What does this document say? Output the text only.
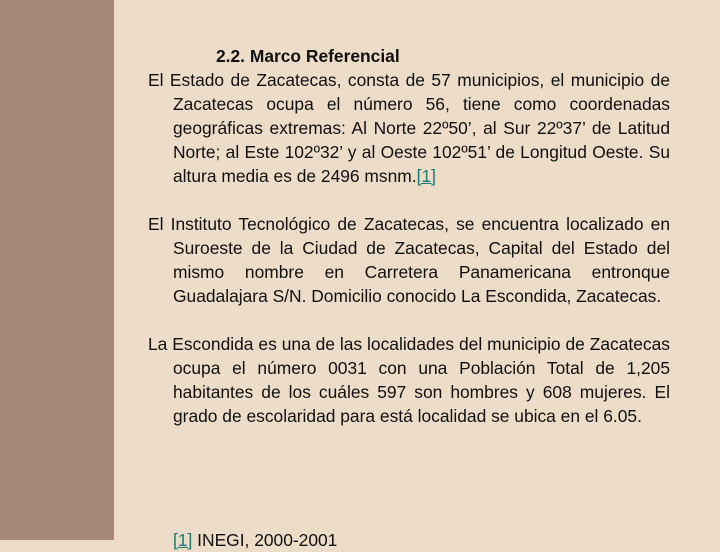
2.2. Marco Referencial

El Estado de Zacatecas, consta de 57 municipios, el municipio de Zacatecas ocupa el número 56, tiene como coordenadas geográficas extremas: Al Norte 22º50’, al Sur 22º37’ de Latitud Norte; al Este 102º32’ y al Oeste 102º51’ de Longitud Oeste. Su altura media es de 2496 msnm.[1]

El Instituto Tecnológico de Zacatecas, se encuentra localizado en Suroeste de la Ciudad de Zacatecas, Capital del Estado del mismo nombre en Carretera Panamericana entronque Guadalajara S/N. Domicilio conocido La Escondida, Zacatecas.

La Escondida es una de las localidades del municipio de Zacatecas ocupa el número 0031 con una Población Total de 1,205 habitantes de los cuáles 597 son hombres y 608 mujeres. El grado de escolaridad para está localidad se ubica en el 6.05.

[1] INEGI, 2000-2001
